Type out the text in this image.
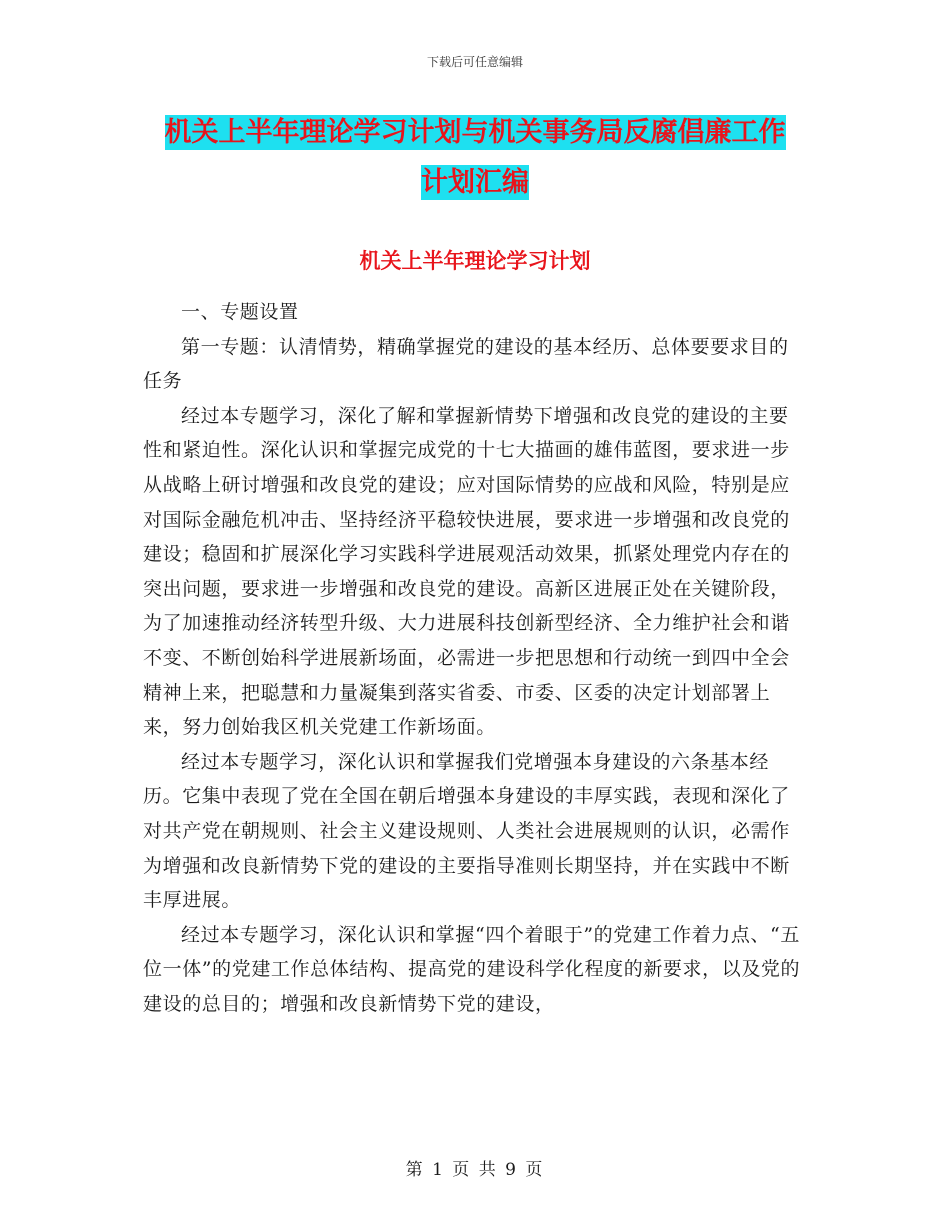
下载后可任意编辑
机关上半年理论学习计划与机关事务局反腐倡廉工作
计划汇编
机关上半年理论学习计划

一、专题设置

第一专题：认清情势，精确掌握党的建设的基本经历、总体要要求目的任务

经过本专题学习，深化了解和掌握新情势下增强和改良党的建设的主要性和紧迫性。深化认识和掌握完成党的十七大描画的雄伟蓝图，要求进一步从战略上研讨增强和改良党的建设；应对国际情势的应战和风险，特别是应对国际金融危机冲击、坚持经济平稳较快进展，要求进一步增强和改良党的建设；稳固和扩展深化学习实践科学进展观活动效果，抓紧处理党内存在的突出问题，要求进一步增强和改良党的建设。高新区进展正处在关键阶段，为了加速推动经济转型升级、大力进展科技创新型经济、全力维护社会和谐不变、不断创始科学进展新场面，必需进一步把思想和行动统一到四中全会精神上来，把聪慧和力量凝集到落实省委、市委、区委的决定计划部署上来，努力创始我区机关党建工作新场面。

经过本专题学习，深化认识和掌握我们党增强本身建设的六条基本经历。它集中表现了党在全国在朝后增强本身建设的丰厚实践，表现和深化了对共产党在朝规则、社会主义建设规则、人类社会进展规则的认识，必需作为增强和改良新情势下党的建设的主要指导准则长期坚持，并在实践中不断丰厚进展。

经过本专题学习，深化认识和掌握“四个着眼于”的党建工作着力点、“五位一体”的党建工作总体结构、提高党的建设科学化程度的新要求，以及党的建设的总目的；增强和改良新情势下党的建设，

第 1 页 共 9 页
